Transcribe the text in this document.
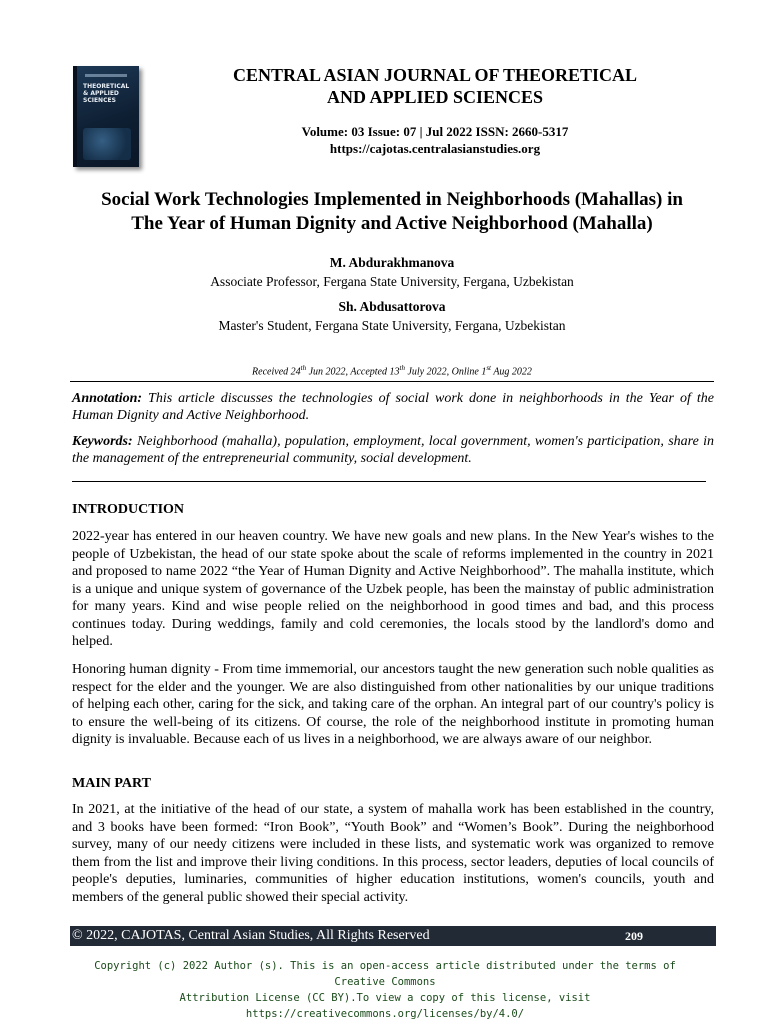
THEORETICAL & APPLIED SCIENCES
CENTRAL ASIAN JOURNAL OF THEORETICAL
AND APPLIED SCIENCES
Volume: 03 Issue: 07 | Jul 2022 ISSN: 2660-5317
https://cajotas.centralasianstudies.org
Social Work Technologies Implemented in Neighborhoods (Mahallas) in
The Year of Human Dignity and Active Neighborhood (Mahalla)
M. Abdurakhmanova
Associate Professor, Fergana State University, Fergana, Uzbekistan
Sh. Abdusattorova
Master's Student, Fergana State University, Fergana, Uzbekistan
Received 24th Jun 2022, Accepted 13th July 2022, Online 1st Aug 2022
Annotation: This article discusses the technologies of social work done in neighborhoods in the Year of the Human Dignity and Active Neighborhood.
Keywords: Neighborhood (mahalla), population, employment, local government, women's participation, share in the management of the entrepreneurial community, social development.
INTRODUCTION

2022-year has entered in our heaven country. We have new goals and new plans. In the New Year's wishes to the people of Uzbekistan, the head of our state spoke about the scale of reforms implemented in the country in 2021 and proposed to name 2022 “the Year of Human Dignity and Active Neighborhood”. The mahalla institute, which is a unique and unique system of governance of the Uzbek people, has been the mainstay of public administration for many years. Kind and wise people relied on the neighborhood in good times and bad, and this process continues today. During weddings, family and cold ceremonies, the locals stood by the landlord's domo and helped.

Honoring human dignity - From time immemorial, our ancestors taught the new generation such noble qualities as respect for the elder and the younger. We are also distinguished from other nationalities by our unique traditions of helping each other, caring for the sick, and taking care of the orphan. An integral part of our country's policy is to ensure the well-being of its citizens. Of course, the role of the neighborhood institute in promoting human dignity is invaluable. Because each of us lives in a neighborhood, we are always aware of our neighbor.

MAIN PART

In 2021, at the initiative of the head of our state, a system of mahalla work has been established in the country, and 3 books have been formed: “Iron Book”, “Youth Book” and “Women’s Book”. During the neighborhood survey, many of our needy citizens were included in these lists, and systematic work was organized to remove them from the list and improve their living conditions. In this process, sector leaders, deputies of local councils of people's deputies, luminaries, communities of higher education institutions, women's councils, youth and members of the general public showed their special activity.

© 2022, CAJOTAS, Central Asian Studies, All Rights Reserved	209
Copyright (c) 2022 Author (s). This is an open-access article distributed under the terms of Creative Commons
Attribution License (CC BY).To view a copy of this license, visit https://creativecommons.org/licenses/by/4.0/
